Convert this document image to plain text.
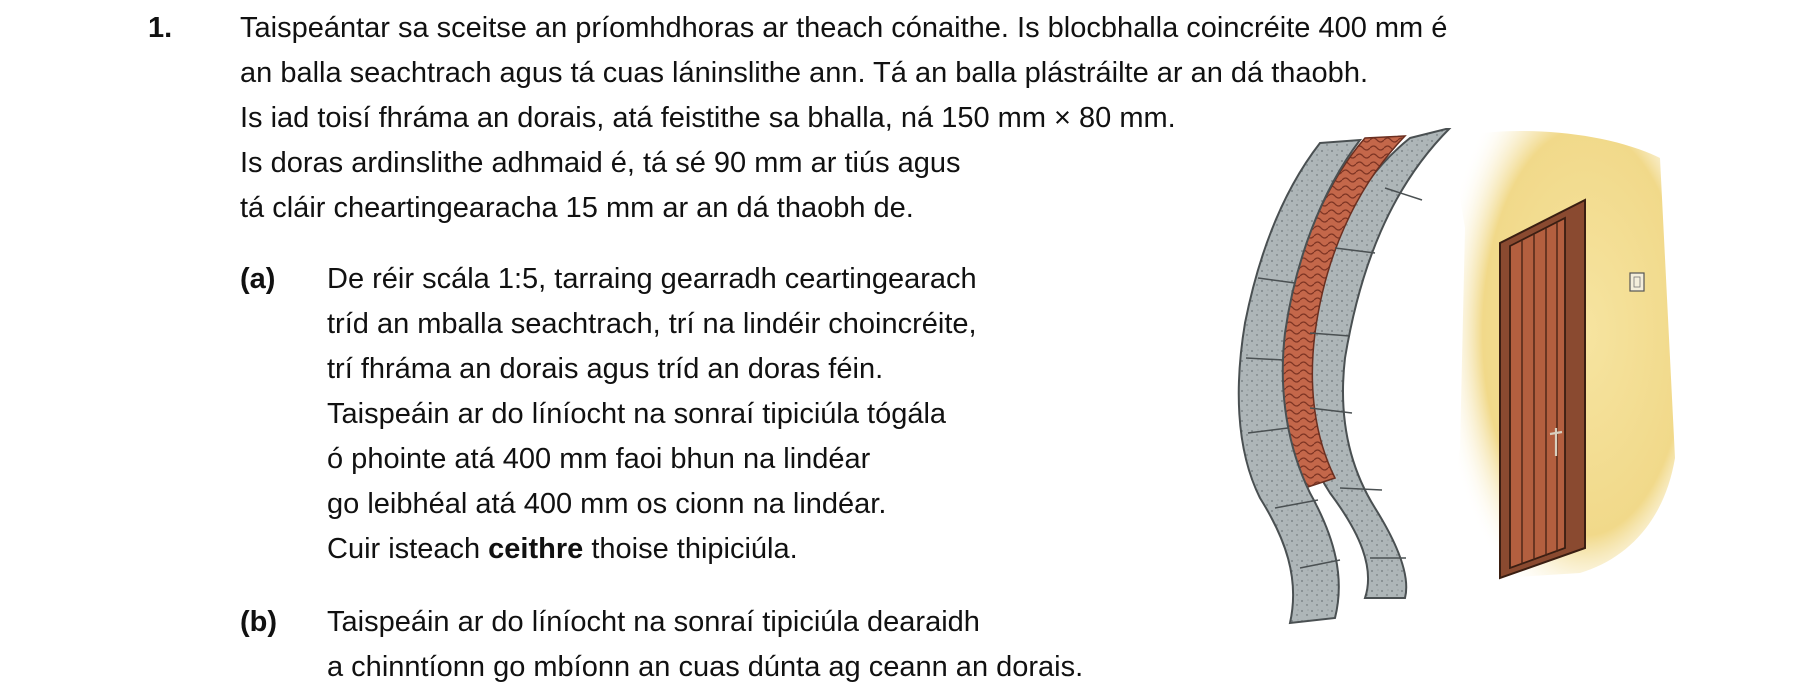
1. Taispeántar sa sceitse an príomhdhoras ar theach cónaithe. Is blocbhalla coincréite 400 mm é
an balla seachtrach agus tá cuas láninslithe ann. Tá an balla plástráilte ar an dá thaobh.
Is iad toisí fhráma an dorais, atá feistithe sa bhalla, ná 150 mm × 80 mm.
Is doras ardinslithe adhmaid é, tá sé 90 mm ar tiús agus
tá cláir cheartingearacha 15 mm ar an dá thaobh de.
(a) De réir scála 1:5, tarraing gearradh ceartingearach
tríd an mballa seachtrach, trí na lindéir choincréite,
trí fhráma an dorais agus tríd an doras féin.
Taispeáin ar do líníocht na sonraí tipiciúla tógála
ó phointe atá 400 mm faoi bhun na lindéar
go leibhéal atá 400 mm os cionn na lindéar.
Cuir isteach ceithre thoise thipiciúla.
(b) Taispeáin ar do líníocht na sonraí tipiciúla dearaidh
a chinntíonn go mbíonn an cuas dúnta ag ceann an dorais.
